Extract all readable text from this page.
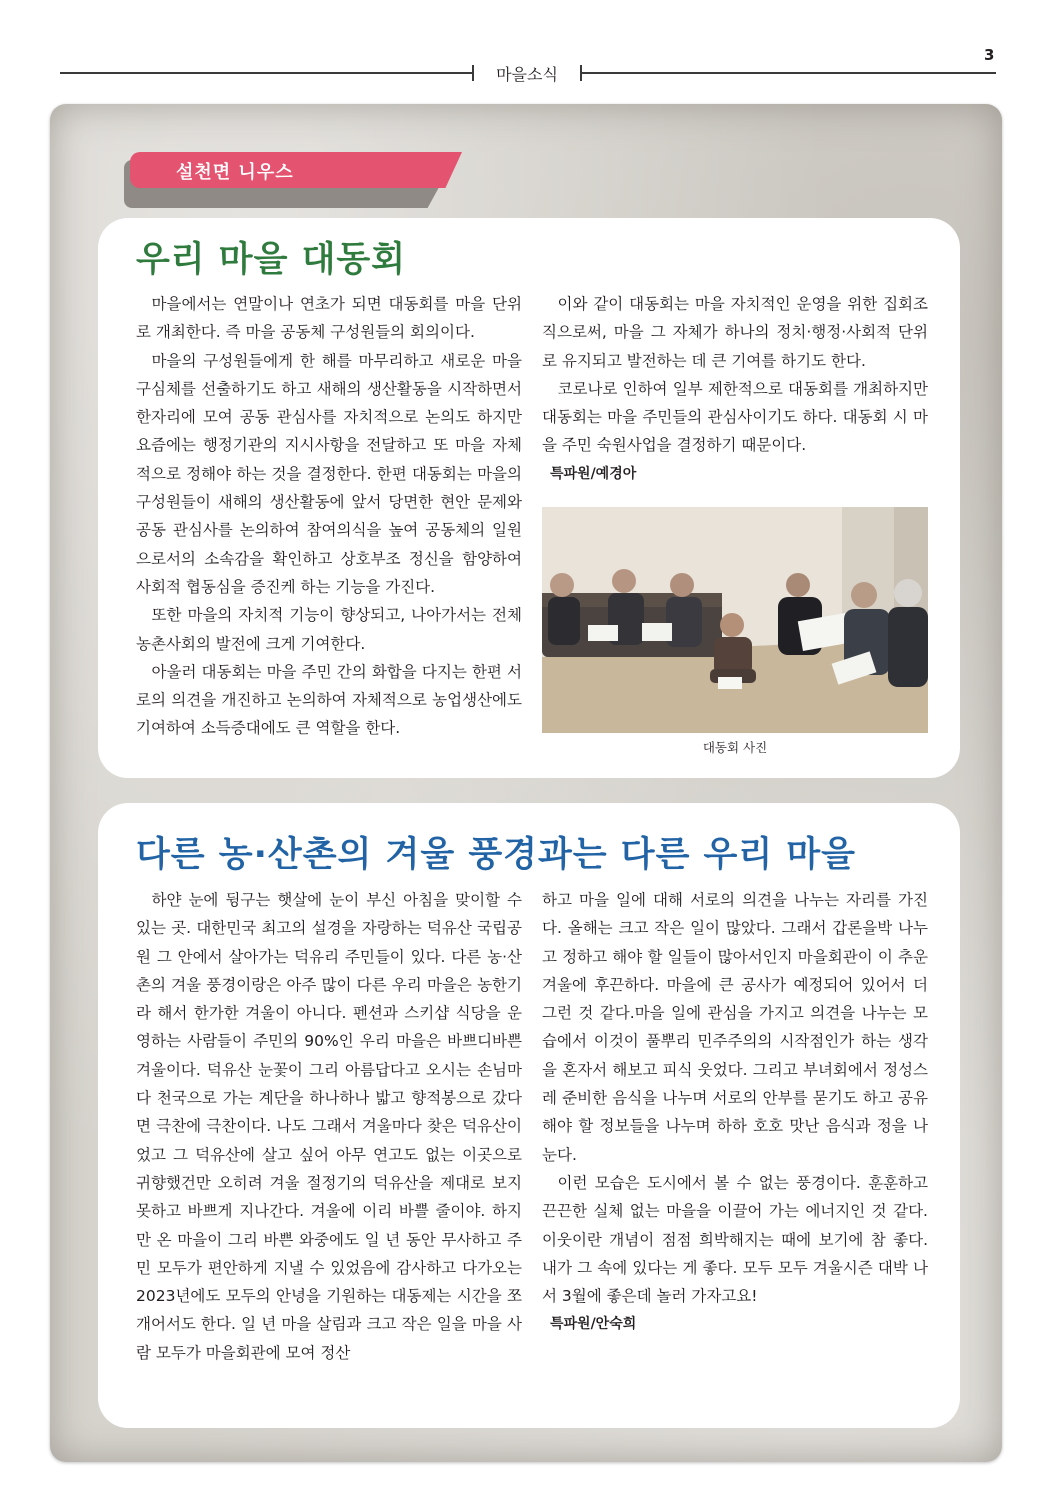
3
마을소식
설천면 니우스
우리 마을 대동회

마을에서는 연말이나 연초가 되면 대동회를 마을 단위로 개최한다. 즉 마을 공동체 구성원들의 회의이다.

마을의 구성원들에게 한 해를 마무리하고 새로운 마을 구심체를 선출하기도 하고 새해의 생산활동을 시작하면서 한자리에 모여 공동 관심사를 자치적으로 논의도 하지만 요즘에는 행정기관의 지시사항을 전달하고 또 마을 자체적으로 정해야 하는 것을 결정한다. 한편 대동회는 마을의 구성원들이 새해의 생산활동에 앞서 당면한 현안 문제와 공동 관심사를 논의하여 참여의식을 높여 공동체의 일원으로서의 소속감을 확인하고 상호부조 정신을 함양하여 사회적 협동심을 증진케 하는 기능을 가진다.

또한 마을의 자치적 기능이 향상되고, 나아가서는 전체 농촌사회의 발전에 크게 기여한다.

아울러 대동회는 마을 주민 간의 화합을 다지는 한편 서로의 의견을 개진하고 논의하여 자체적으로 농업생산에도 기여하여 소득증대에도 큰 역할을 한다.

이와 같이 대동회는 마을 자치적인 운영을 위한 집회조직으로써, 마을 그 자체가 하나의 정치·행정·사회적 단위로 유지되고 발전하는 데 큰 기여를 하기도 한다.

코로나로 인하여 일부 제한적으로 대동회를 개최하지만 대동회는 마을 주민들의 관심사이기도 하다. 대동회 시 마을 주민 숙원사업을 결정하기 때문이다.

특파원/예경아

대동회 사진
다른 농·산촌의 겨울 풍경과는 다른 우리 마을

하얀 눈에 뒹구는 햇살에 눈이 부신 아침을 맞이할 수 있는 곳. 대한민국 최고의 설경을 자랑하는 덕유산 국립공원 그 안에서 살아가는 덕유리 주민들이 있다. 다른 농·산촌의 겨울 풍경이랑은 아주 많이 다른 우리 마을은 농한기라 해서 한가한 겨울이 아니다. 펜션과 스키샵 식당을 운영하는 사람들이 주민의 90%인 우리 마을은 바쁘디바쁜 겨울이다. 덕유산 눈꽃이 그리 아름답다고 오시는 손님마다 천국으로 가는 계단을 하나하나 밟고 향적봉으로 갔다면 극찬에 극찬이다. 나도 그래서 겨울마다 찾은 덕유산이었고 그 덕유산에 살고 싶어 아무 연고도 없는 이곳으로 귀향했건만 오히려 겨울 절정기의 덕유산을 제대로 보지 못하고 바쁘게 지나간다. 겨울에 이리 바쁠 줄이야. 하지만 온 마을이 그리 바쁜 와중에도 일 년 동안 무사하고 주민 모두가 편안하게 지낼 수 있었음에 감사하고 다가오는 2023년에도 모두의 안녕을 기원하는 대동제는 시간을 쪼개어서도 한다. 일 년 마을 살림과 크고 작은 일을 마을 사람 모두가 마을회관에 모여 정산

하고 마을 일에 대해 서로의 의견을 나누는 자리를 가진다. 올해는 크고 작은 일이 많았다. 그래서 갑론을박 나누고 정하고 해야 할 일들이 많아서인지 마을회관이 이 추운 겨울에 후끈하다. 마을에 큰 공사가 예정되어 있어서 더 그런 것 같다.마을 일에 관심을 가지고 의견을 나누는 모습에서 이것이 풀뿌리 민주주의의 시작점인가 하는 생각을 혼자서 해보고 피식 웃었다. 그리고 부녀회에서 정성스레 준비한 음식을 나누며 서로의 안부를 묻기도 하고 공유해야 할 정보들을 나누며 하하 호호 맛난 음식과 정을 나눈다.

이런 모습은 도시에서 볼 수 없는 풍경이다. 훈훈하고 끈끈한 실체 없는 마을을 이끌어 가는 에너지인 것 같다. 이웃이란 개념이 점점 희박해지는 때에 보기에 참 좋다. 내가 그 속에 있다는 게 좋다. 모두 모두 겨울시즌 대박 나서 3월에 좋은데 놀러 가자고요!

특파원/안숙희
